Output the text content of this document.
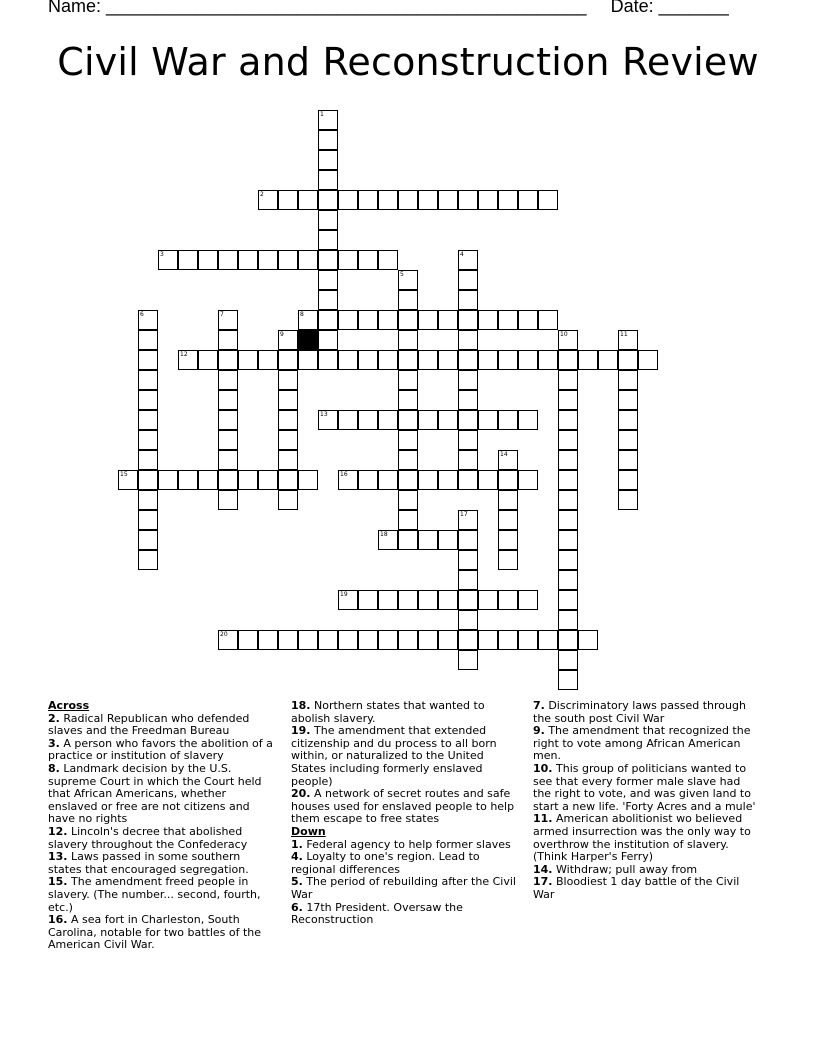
Name: ________________________________________________ Date: _______
Civil War and Reconstruction Review
1
2
3	4
5
6	7	8
9	10	11
12
13
14
15	16
17
18
19
20
Across
2. Radical Republican who defended slaves and the Freedman Bureau
3. A person who favors the abolition of a practice or institution of slavery
8. Landmark decision by the U.S. supreme Court in which the Court held that African Americans, whether enslaved or free are not citizens and have no rights
12. Lincoln's decree that abolished slavery throughout the Confederacy
13. Laws passed in some southern states that encouraged segregation.
15. The amendment freed people in slavery. (The number... second, fourth, etc.)
16. A sea fort in Charleston, South Carolina, notable for two battles of the American Civil War.
18. Northern states that wanted to abolish slavery.
19. The amendment that extended citizenship and du process to all born within, or naturalized to the United States including formerly enslaved people)
20. A network of secret routes and safe houses used for enslaved people to help them escape to free states
Down
1. Federal agency to help former slaves
4. Loyalty to one's region. Lead to regional differences
5. The period of rebuilding after the Civil War
6. 17th President. Oversaw the Reconstruction
7. Discriminatory laws passed through the south post Civil War
9. The amendment that recognized the right to vote among African American men.
10. This group of politicians wanted to see that every former male slave had the right to vote, and was given land to start a new life. 'Forty Acres and a mule'
11. American abolitionist wo believed armed insurrection was the only way to overthrow the institution of slavery. (Think Harper's Ferry)
14. Withdraw; pull away from
17. Bloodiest 1 day battle of the Civil War
